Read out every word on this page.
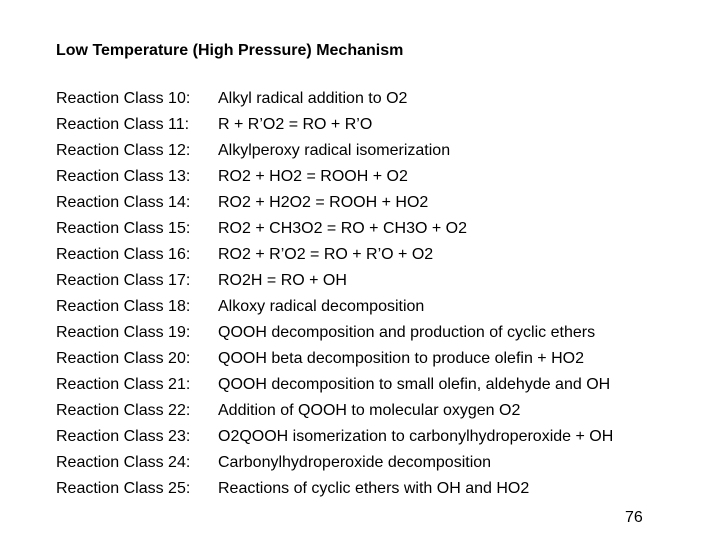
Low Temperature (High Pressure) Mechanism
Reaction Class 10:	Alkyl radical addition to O2
Reaction Class 11:	R + R’O2 = RO + R’O
Reaction Class 12:	Alkylperoxy radical isomerization
Reaction Class 13:	RO2 + HO2 = ROOH + O2
Reaction Class 14:	RO2 + H2O2 = ROOH + HO2
Reaction Class 15:	RO2 + CH3O2 = RO + CH3O + O2
Reaction Class 16:	RO2 + R’O2 = RO + R’O + O2
Reaction Class 17:	RO2H = RO + OH
Reaction Class 18:	Alkoxy radical decomposition
Reaction Class 19:	QOOH decomposition and production of cyclic ethers
Reaction Class 20:	QOOH beta decomposition to produce olefin + HO2
Reaction Class 21:	QOOH decomposition to small olefin, aldehyde and OH
Reaction Class 22:	Addition of QOOH to molecular oxygen O2
Reaction Class 23:	O2QOOH isomerization to carbonylhydroperoxide + OH
Reaction Class 24:	Carbonylhydroperoxide decomposition
Reaction Class 25:	Reactions of cyclic ethers with OH and HO2
76
